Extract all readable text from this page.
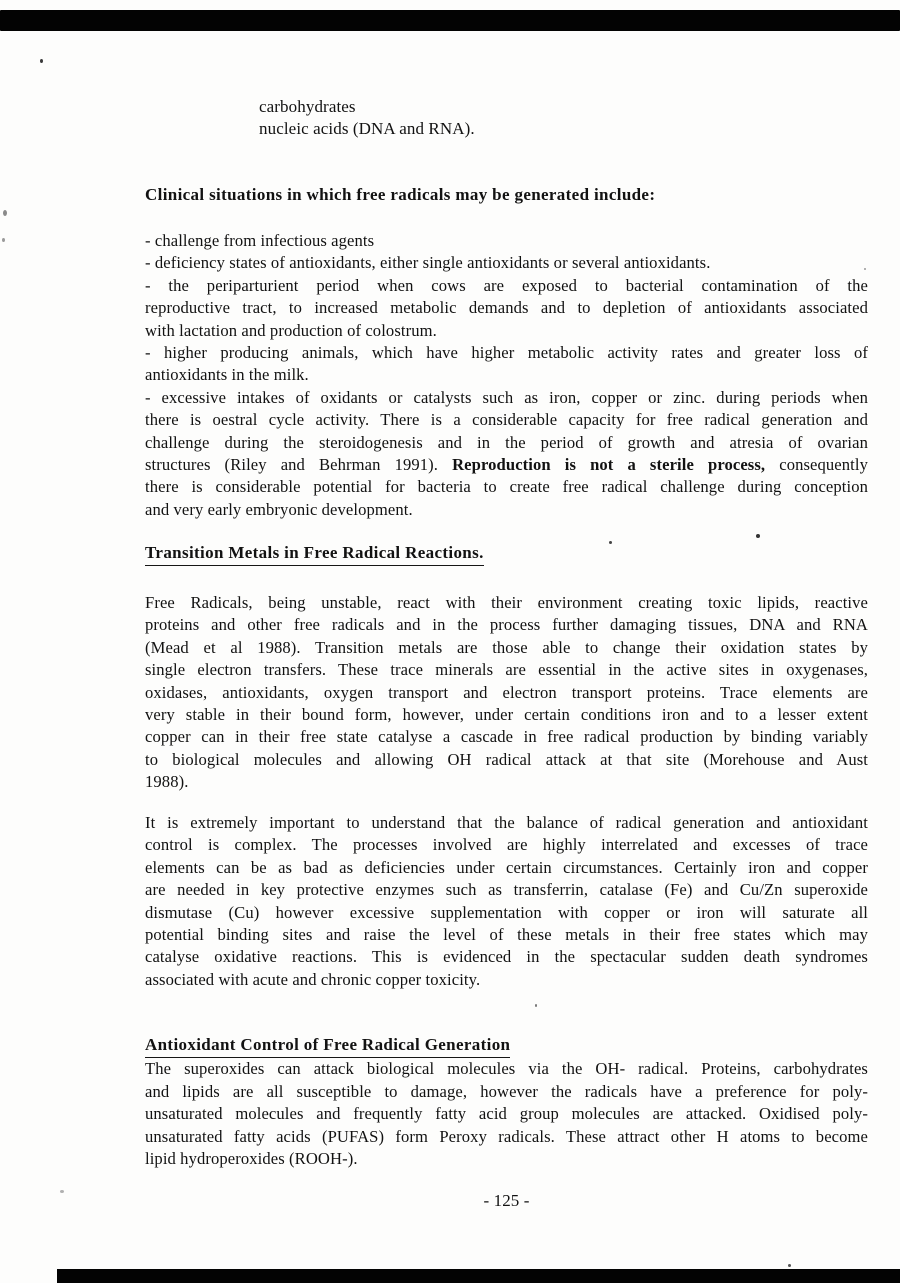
carbohydrates
nucleic acids (DNA and RNA).
Clinical situations in which free radicals may be generated include:
- challenge from infectious agents
- deficiency states of antioxidants, either single antioxidants or several antioxidants.
- the periparturient period when cows are exposed to bacterial contamination of the
reproductive tract, to increased metabolic demands and to depletion of antioxidants associated
with lactation and production of colostrum.
- higher producing animals, which have higher metabolic activity rates and greater loss of
antioxidants in the milk.
- excessive intakes of oxidants or catalysts such as iron, copper or zinc. during periods when
there is oestral cycle activity. There is a considerable capacity for free radical generation and
challenge during the steroidogenesis and in the period of growth and atresia of ovarian
structures (Riley and Behrman 1991). Reproduction is not a sterile process, consequently
there is considerable potential for bacteria to create free radical challenge during conception
and very early embryonic development.
Transition Metals in Free Radical Reactions.
Free Radicals, being unstable, react with their environment creating toxic lipids, reactive
proteins and other free radicals and in the process further damaging tissues, DNA and RNA
(Mead et al 1988). Transition metals are those able to change their oxidation states by
single electron transfers. These trace minerals are essential in the active sites in oxygenases,
oxidases, antioxidants, oxygen transport and electron transport proteins. Trace elements are
very stable in their bound form, however, under certain conditions iron and to a lesser extent
copper can in their free state catalyse a cascade in free radical production by binding variably
to biological molecules and allowing OH radical attack at that site (Morehouse and Aust
1988).
It is extremely important to understand that the balance of radical generation and antioxidant
control is complex. The processes involved are highly interrelated and excesses of trace
elements can be as bad as deficiencies under certain circumstances. Certainly iron and copper
are needed in key protective enzymes such as transferrin, catalase (Fe) and Cu/Zn superoxide
dismutase (Cu) however excessive supplementation with copper or iron will saturate all
potential binding sites and raise the level of these metals in their free states which may
catalyse oxidative reactions. This is evidenced in the spectacular sudden death syndromes
associated with acute and chronic copper toxicity.
Antioxidant Control of Free Radical Generation
The superoxides can attack biological molecules via the OH- radical. Proteins, carbohydrates
and lipids are all susceptible to damage, however the radicals have a preference for poly-
unsaturated molecules and frequently fatty acid group molecules are attacked. Oxidised poly-
unsaturated fatty acids (PUFAS) form Peroxy radicals. These attract other H atoms to become
lipid hydroperoxides (ROOH-).
- 125 -
